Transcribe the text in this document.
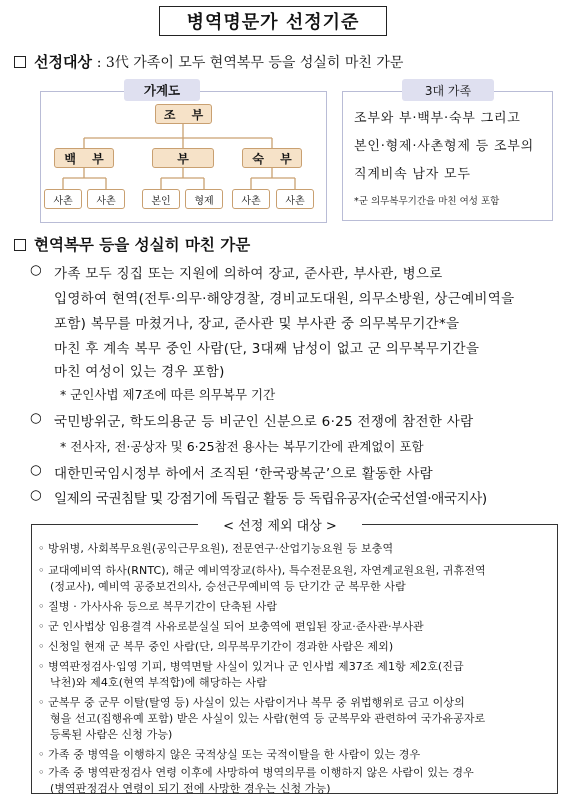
병역명문가 선정기준
선정대상 : 3代 가족이 모두 현역복무 등을 성실히 마친 가문
가계도
조 부
백 부	부	숙 부
사촌	사촌	본인	형제	사촌	사촌
3대 가족
조부와 부·백부·숙부 그리고
본인·형제·사촌형제 등 조부의
직계비속 남자 모두
*군 의무복무기간을 마친 여성 포함
현역복무 등을 성실히 마친 가문
○ 가족 모두 징집 또는 지원에 의하여 장교, 준사관, 부사관, 병으로
입영하여 현역(전투·의무·해양경찰, 경비교도대원, 의무소방원, 상근예비역을
포함) 복무를 마쳤거나, 장교, 준사관 및 부사관 중 의무복무기간*을
마친 후 계속 복무 중인 사람(단, 3대째 남성이 없고 군 의무복무기간을
마친 여성이 있는 경우 포함)
* 군인사법 제7조에 따른 의무복무 기간
○ 국민방위군, 학도의용군 등 비군인 신분으로 6·25 전쟁에 참전한 사람
* 전사자, 전·공상자 및 6·25참전 용사는 복무기간에 관계없이 포함
○ 대한민국임시정부 하에서 조직된 ‘한국광복군’으로 활동한 사람
○ 일제의 국권침탈 및 강점기에 독립군 활동 등 독립유공자(순국선열·애국지사)
< 선정 제외 대상 >
◦ 방위병, 사회복무요원(공익근무요원), 전문연구·산업기능요원 등 보충역
◦ 교대예비역 하사(RNTC), 해군 예비역장교(하사), 특수전문요원, 자연계교원요원, 귀휴전역
(정교사), 예비역 공중보건의사, 승선근무예비역 등 단기간 군 복무한 사람
◦ 질병 · 가사사유 등으로 복무기간이 단축된 사람
◦ 군 인사법상 임용결격 사유로분실실 되어 보충역에 편입된 장교·준사관·부사관
◦ 신청일 현재 군 복무 중인 사람(단, 의무복무기간이 경과한 사람은 제외)
◦ 병역판정검사·입영 기피, 병역면탈 사실이 있거나 군 인사법 제37조 제1항 제2호(진급
낙천)와 제4호(현역 부적합)에 해당하는 사람
◦ 군복무 중 군무 이탈(탈영 등) 사실이 있는 사람이거나 복무 중 위법행위로 금고 이상의
형을 선고(집행유예 포함) 받은 사실이 있는 사람(현역 등 군복무와 관련하여 국가유공자로
등록된 사람은 신청 가능)
◦ 가족 중 병역을 이행하지 않은 국적상실 또는 국적이탈을 한 사람이 있는 경우
◦ 가족 중 병역판정검사 연령 이후에 사망하여 병역의무를 이행하지 않은 사람이 있는 경우
(병역판정검사 연령이 되기 전에 사망한 경우는 신청 가능)
